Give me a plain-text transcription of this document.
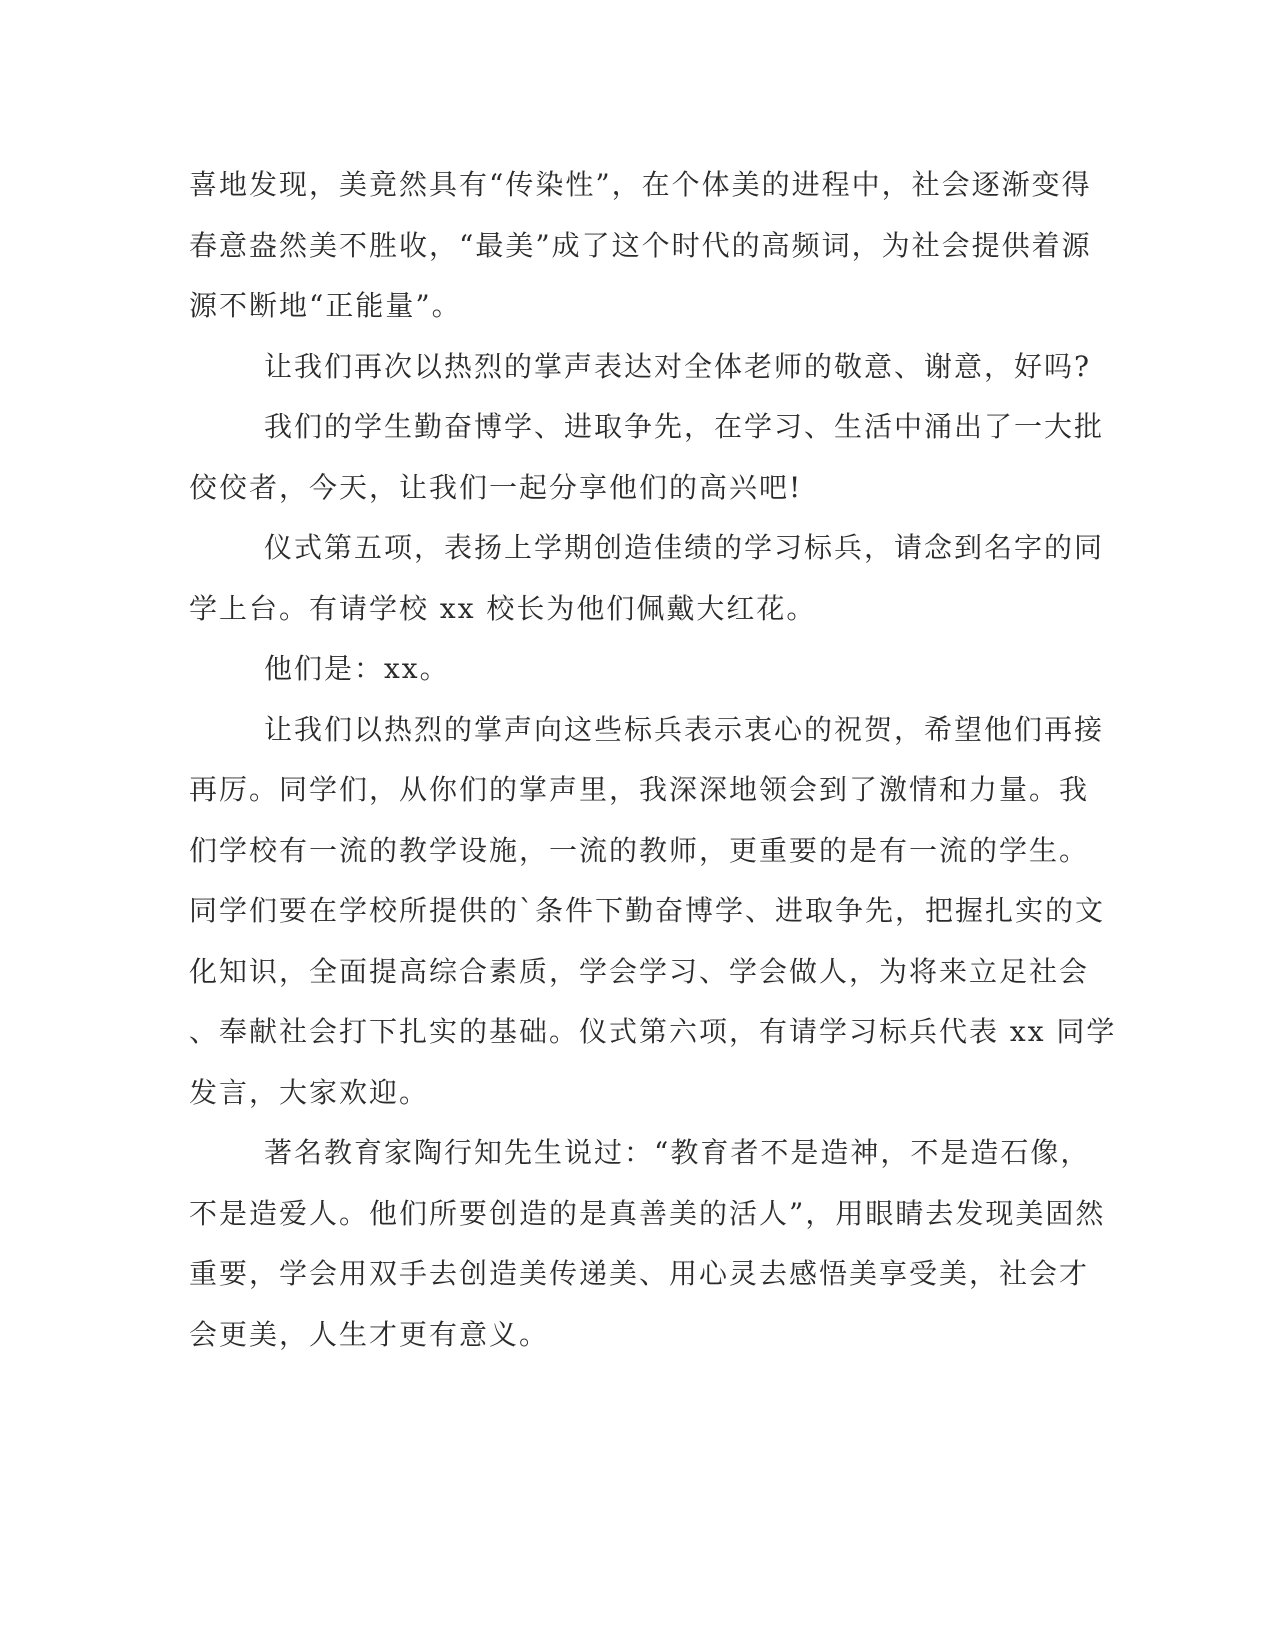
喜地发现，美竟然具有“传染性”，在个体美的进程中，社会逐渐变得
春意盎然美不胜收，“最美”成了这个时代的高频词，为社会提供着源
源不断地“正能量”。
让我们再次以热烈的掌声表达对全体老师的敬意、谢意，好吗?
我们的学生勤奋博学、进取争先，在学习、生活中涌出了一大批
佼佼者，今天，让我们一起分享他们的高兴吧!
仪式第五项，表扬上学期创造佳绩的学习标兵，请念到名字的同
学上台。有请学校 xx 校长为他们佩戴大红花。
他们是：xx。
让我们以热烈的掌声向这些标兵表示衷心的祝贺，希望他们再接
再厉。同学们，从你们的掌声里，我深深地领会到了激情和力量。我
们学校有一流的教学设施，一流的教师，更重要的是有一流的学生。
同学们要在学校所提供的`条件下勤奋博学、进取争先，把握扎实的文
化知识，全面提高综合素质，学会学习、学会做人，为将来立足社会
、奉献社会打下扎实的基础。仪式第六项，有请学习标兵代表 xx 同学
发言，大家欢迎。
著名教育家陶行知先生说过：“教育者不是造神，不是造石像，
不是造爱人。他们所要创造的是真善美的活人”，用眼睛去发现美固然
重要，学会用双手去创造美传递美、用心灵去感悟美享受美，社会才
会更美，人生才更有意义。
